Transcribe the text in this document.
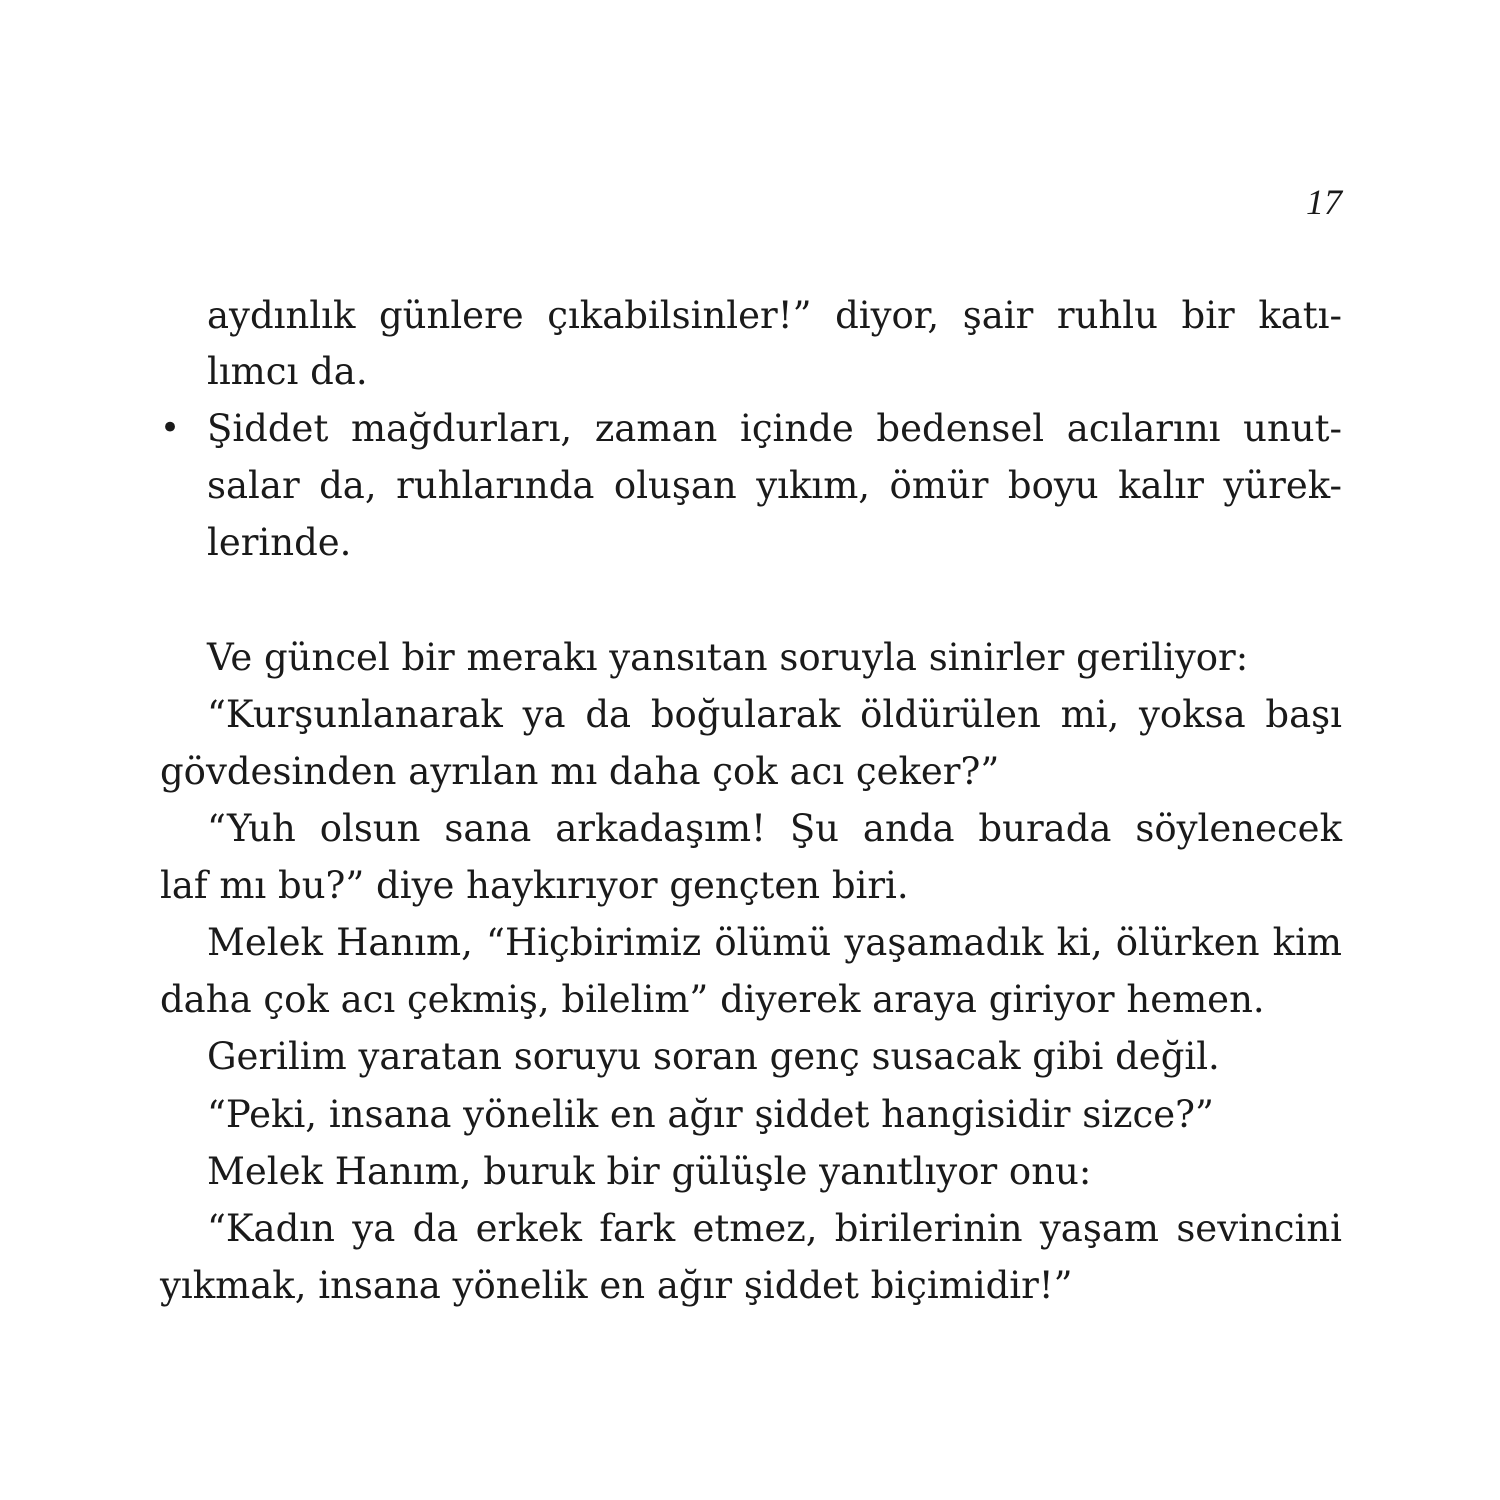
17
aydınlık günlere çıkabilsinler!” diyor, şair ruhlu bir katı-
lımcı da.
• Şiddet mağdurları, zaman içinde bedensel acılarını unut-
salar da, ruhlarında oluşan yıkım, ömür boyu kalır yürek-
lerinde.
Ve güncel bir merakı yansıtan soruyla sinirler geriliyor:
“Kurşunlanarak ya da boğularak öldürülen mi, yoksa başı
gövdesinden ayrılan mı daha çok acı çeker?”
“Yuh olsun sana arkadaşım! Şu anda burada söylenecek
laf mı bu?” diye haykırıyor gençten biri.
Melek Hanım, “Hiçbirimiz ölümü yaşamadık ki, ölürken kim
daha çok acı çekmiş, bilelim” diyerek araya giriyor hemen.
Gerilim yaratan soruyu soran genç susacak gibi değil.
“Peki, insana yönelik en ağır şiddet hangisidir sizce?”
Melek Hanım, buruk bir gülüşle yanıtlıyor onu:
“Kadın ya da erkek fark etmez, birilerinin yaşam sevincini
yıkmak, insana yönelik en ağır şiddet biçimidir!”
